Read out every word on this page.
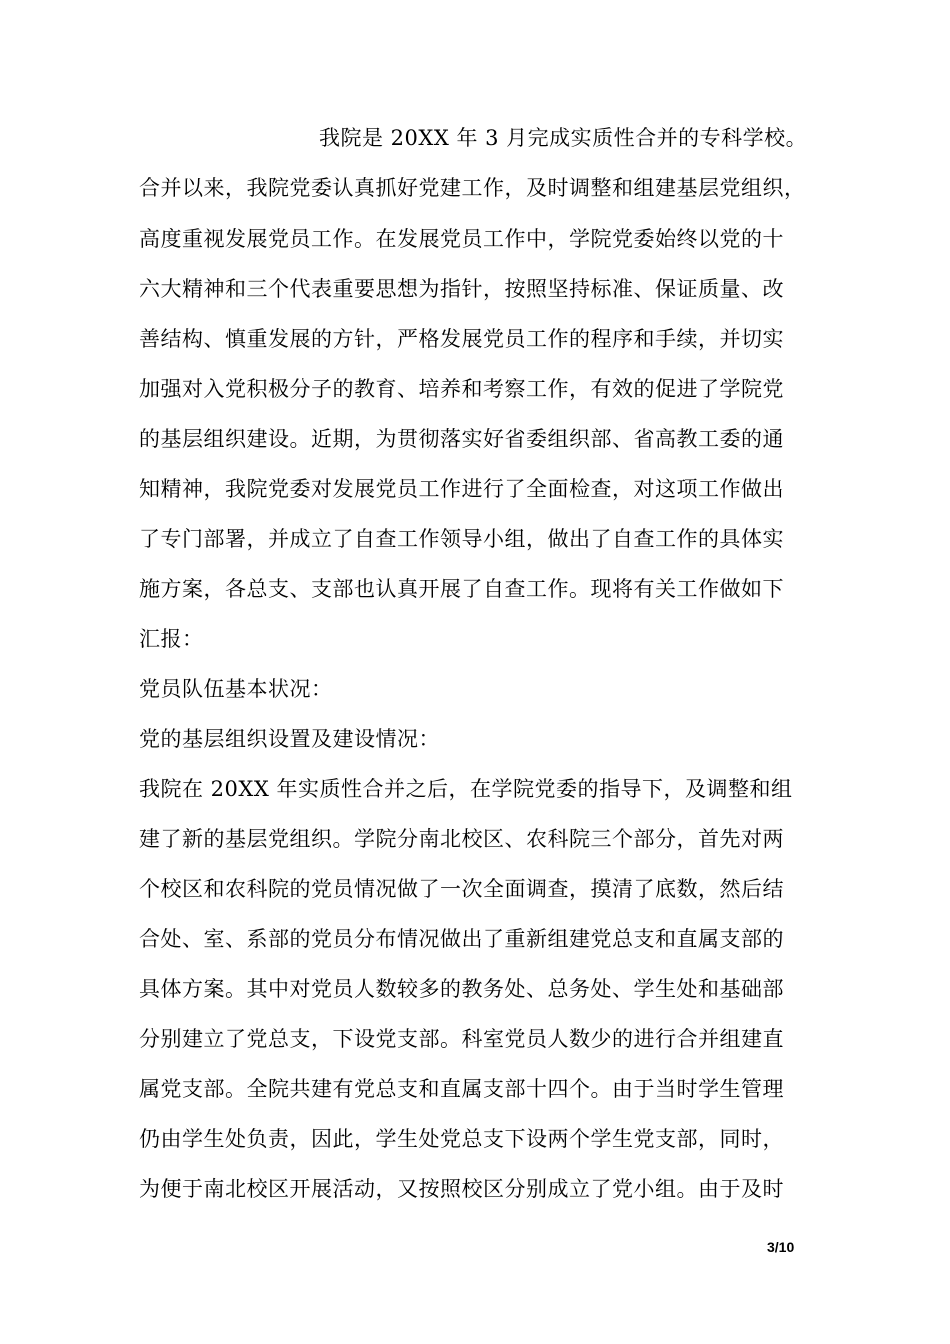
我院是 20XX 年 3 月完成实质性合并的专科学校。
合并以来，我院党委认真抓好党建工作，及时调整和组建基层党组织，
高度重视发展党员工作。在发展党员工作中，学院党委始终以党的十
六大精神和三个代表重要思想为指针，按照坚持标准、保证质量、改
善结构、慎重发展的方针，严格发展党员工作的程序和手续，并切实
加强对入党积极分子的教育、培养和考察工作，有效的促进了学院党
的基层组织建设。近期，为贯彻落实好省委组织部、省高教工委的通
知精神，我院党委对发展党员工作进行了全面检查，对这项工作做出
了专门部署，并成立了自查工作领导小组，做出了自查工作的具体实
施方案，各总支、支部也认真开展了自查工作。现将有关工作做如下
汇报：
党员队伍基本状况：
党的基层组织设置及建设情况：
我院在 20XX 年实质性合并之后，在学院党委的指导下，及调整和组
建了新的基层党组织。学院分南北校区、农科院三个部分，首先对两
个校区和农科院的党员情况做了一次全面调查，摸清了底数，然后结
合处、室、系部的党员分布情况做出了重新组建党总支和直属支部的
具体方案。其中对党员人数较多的教务处、总务处、学生处和基础部
分别建立了党总支，下设党支部。科室党员人数少的进行合并组建直
属党支部。全院共建有党总支和直属支部十四个。由于当时学生管理
仍由学生处负责，因此，学生处党总支下设两个学生党支部，同时，
为便于南北校区开展活动，又按照校区分别成立了党小组。由于及时
3/10
